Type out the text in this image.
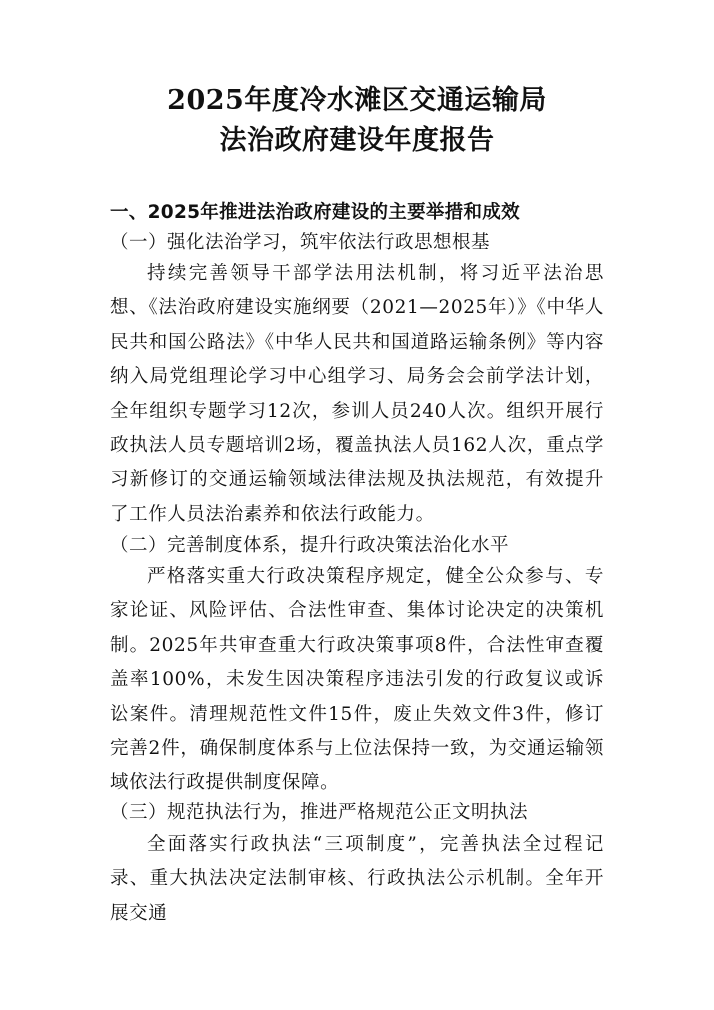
2025年度冷水滩区交通运输局
法治政府建设年度报告
一、2025年推进法治政府建设的主要举措和成效
（一）强化法治学习，筑牢依法行政思想根基
持续完善领导干部学法用法机制，将习近平法治思想、《法治政府建设实施纲要（2021—2025年）》《中华人民共和国公路法》《中华人民共和国道路运输条例》等内容纳入局党组理论学习中心组学习、局务会会前学法计划，全年组织专题学习12次，参训人员240人次。组织开展行政执法人员专题培训2场，覆盖执法人员162人次，重点学习新修订的交通运输领域法律法规及执法规范，有效提升了工作人员法治素养和依法行政能力。
（二）完善制度体系，提升行政决策法治化水平
严格落实重大行政决策程序规定，健全公众参与、专家论证、风险评估、合法性审查、集体讨论决定的决策机制。2025年共审查重大行政决策事项8件，合法性审查覆盖率100%，未发生因决策程序违法引发的行政复议或诉讼案件。清理规范性文件15件，废止失效文件3件，修订完善2件，确保制度体系与上位法保持一致，为交通运输领域依法行政提供制度保障。
（三）规范执法行为，推进严格规范公正文明执法
全面落实行政执法“三项制度”，完善执法全过程记录、重大执法决定法制审核、行政执法公示机制。全年开展交通
